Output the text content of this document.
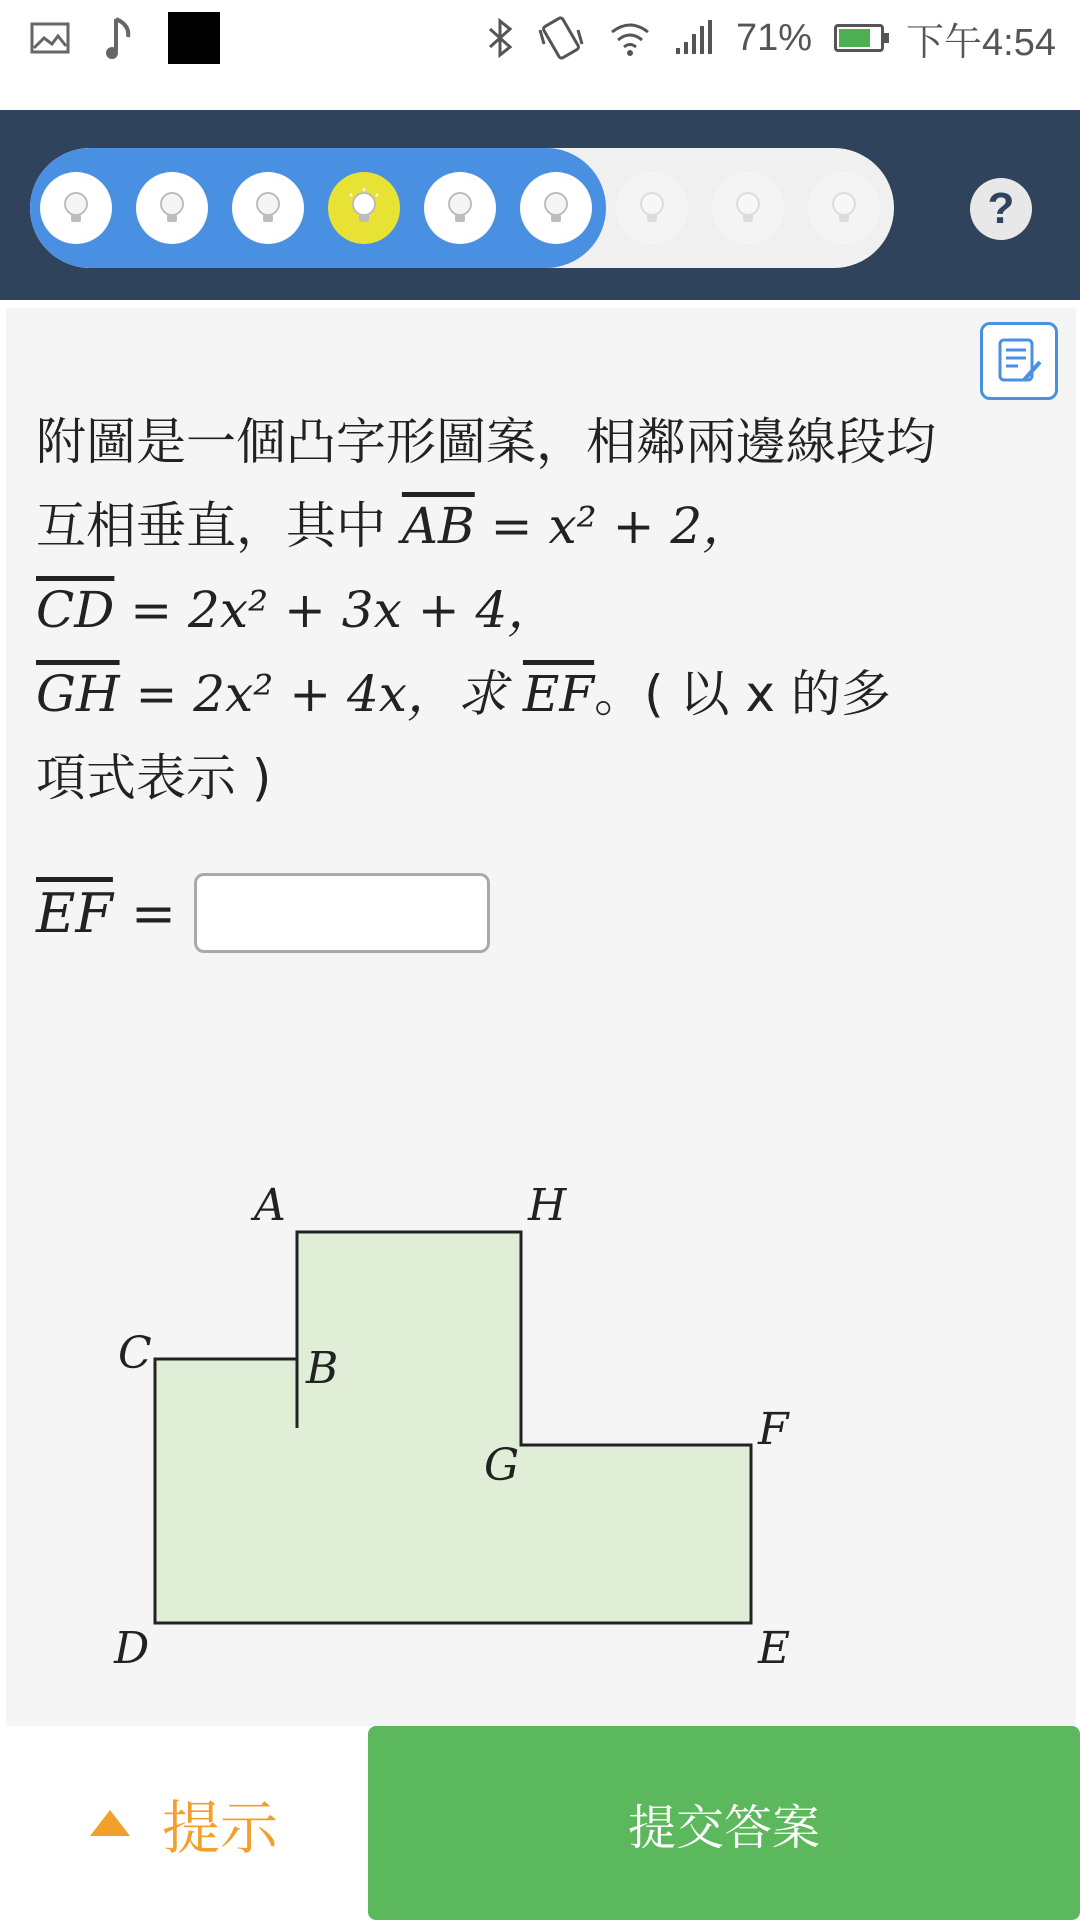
71% 下午4:54
?
附圖是一個凸字形圖案，相鄰兩邊線段均
互相垂直，其中 $\overline{AB} = x^2 + 2$，
$\overline{CD} = 2x^2 + 3x + 4$，
$\overline{GH} = 2x^2 + 4x$，求 $\overline{EF}$。( 以 x 的多
項式表示 )
$\overline{EF}$ =
A
B
C
D	E
F
G
H
提示	提交答案
